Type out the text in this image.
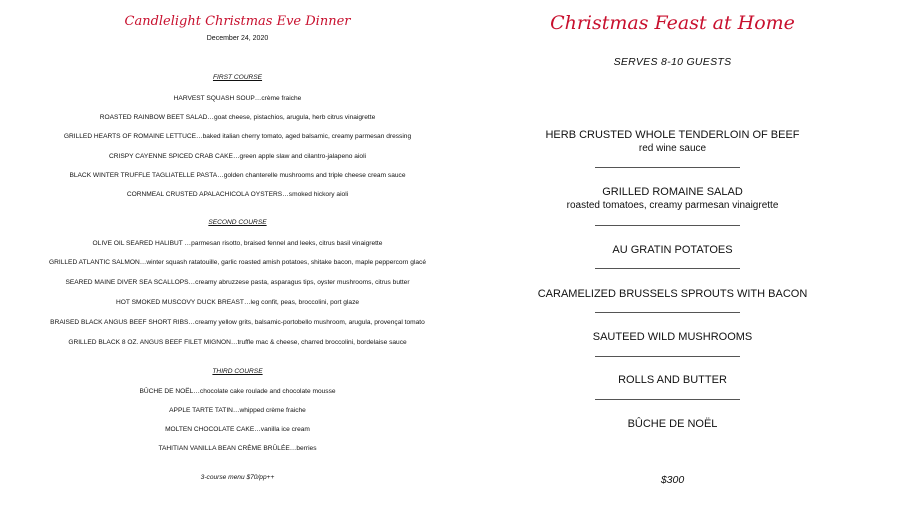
Candlelight Christmas Eve Dinner
December 24, 2020
FIRST COURSE
HARVEST SQUASH SOUP…crème fraiche
ROASTED RAINBOW BEET SALAD…goat cheese, pistachios, arugula, herb citrus vinaigrette
GRILLED HEARTS OF ROMAINE LETTUCE…baked italian cherry tomato, aged balsamic, creamy parmesan dressing
CRISPY CAYENNE SPICED CRAB CAKE…green apple slaw and cilantro-jalapeno aioli
BLACK WINTER TRUFFLE TAGLIATELLE PASTA…golden chanterelle mushrooms and triple cheese cream sauce
CORNMEAL CRUSTED APALACHICOLA OYSTERS…smoked hickory aioli
SECOND COURSE
OLIVE OIL SEARED HALIBUT …parmesan risotto, braised fennel and leeks, citrus basil vinaigrette
GRILLED ATLANTIC SALMON…winter squash ratatouille, garlic roasted amish potatoes, shitake bacon, maple peppercorn glacé
SEARED MAINE DIVER SEA SCALLOPS…creamy abruzzese pasta, asparagus tips, oyster mushrooms, citrus butter
HOT SMOKED MUSCOVY DUCK BREAST…leg confit, peas, broccolini, port glaze
BRAISED BLACK ANGUS BEEF SHORT RIBS…creamy yellow grits, balsamic-portobello mushroom, arugula, provençal tomato
GRILLED BLACK 8 OZ. ANGUS BEEF FILET MIGNON…truffle mac & cheese, charred broccolini, bordelaise sauce
THIRD COURSE
BÛCHE DE NOËL…chocolate cake roulade and chocolate mousse
APPLE TARTE TATIN…whipped crème fraiche
MOLTEN CHOCOLATE CAKE…vanilla ice cream
TAHITIAN VANILLA BEAN CRÈME BRÛLÉE…berries
3-course menu $70/pp++
Christmas Feast at Home
SERVES 8-10 GUESTS
HERB CRUSTED WHOLE TENDERLOIN OF BEEF
red wine sauce
GRILLED ROMAINE SALAD
roasted tomatoes, creamy parmesan vinaigrette
AU GRATIN POTATOES
CARAMELIZED BRUSSELS SPROUTS WITH BACON
SAUTEED WILD MUSHROOMS
ROLLS AND BUTTER
BÛCHE DE NOËL
$300
